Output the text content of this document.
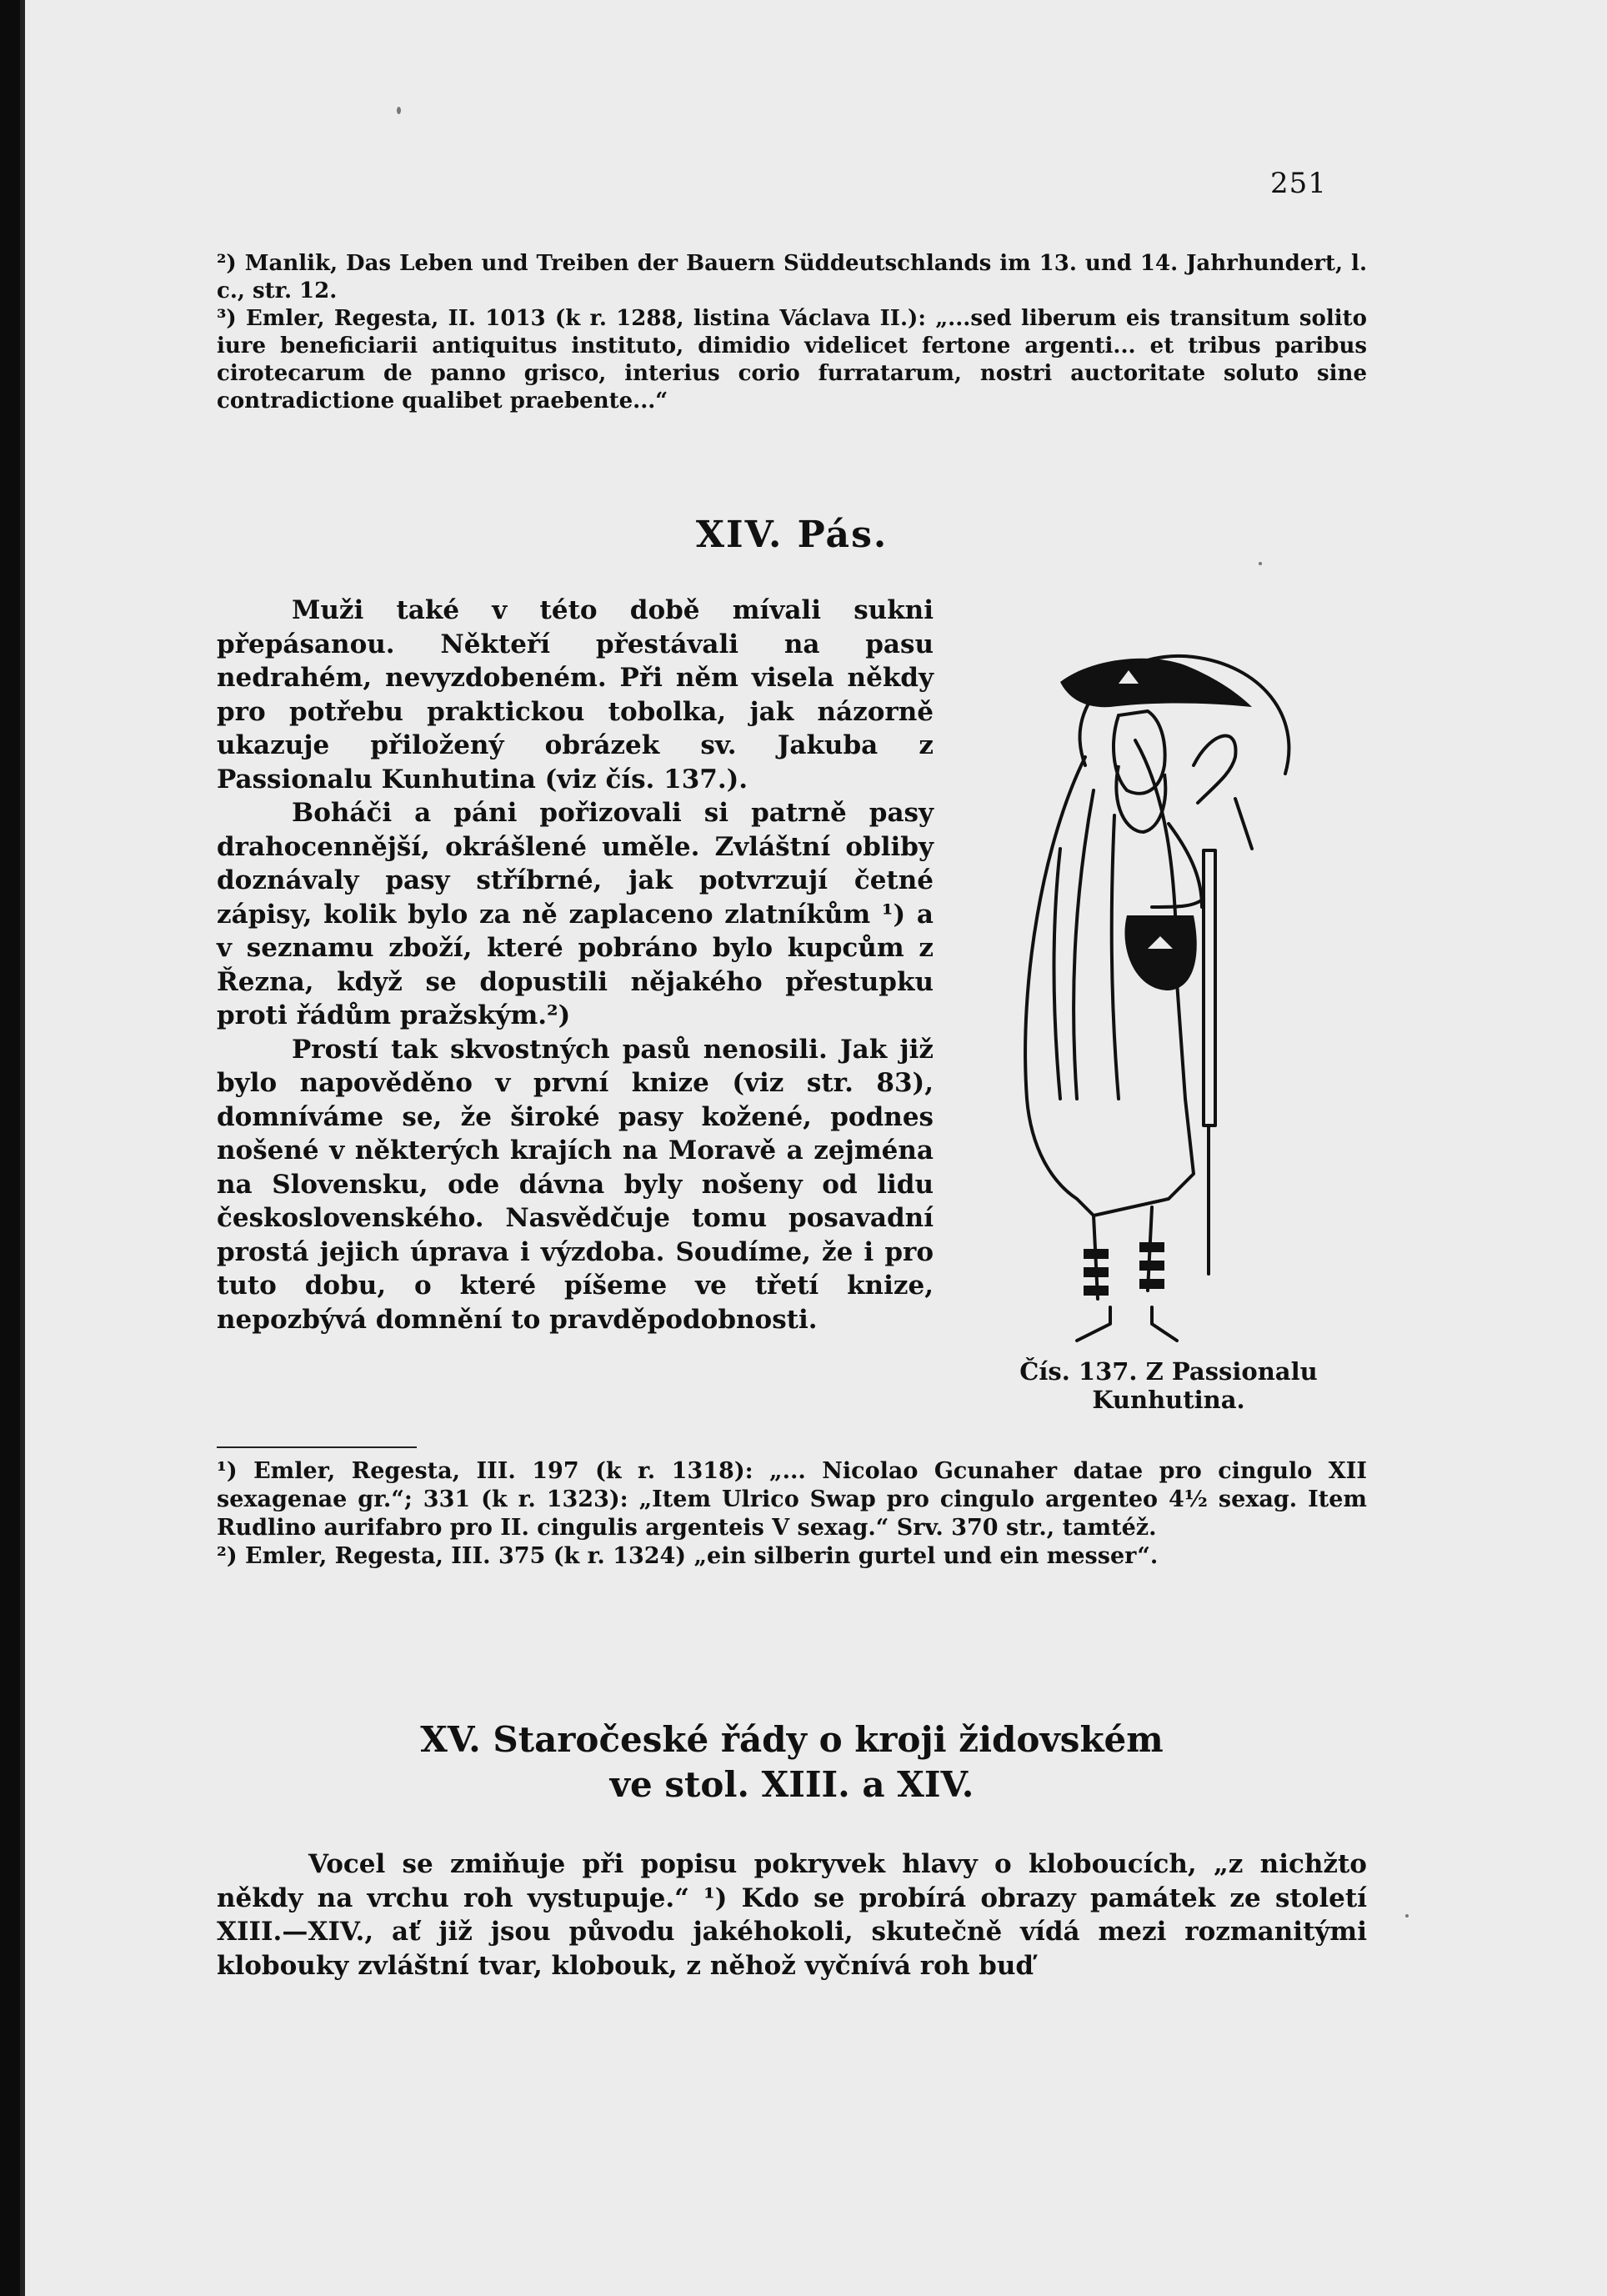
251

²) Manlik, Das Leben und Treiben der Bauern Süddeutschlands im 13. und 14. Jahrhundert, l. c., str. 12.

³) Emler, Regesta, II. 1013 (k r. 1288, listina Václava II.): „...sed liberum eis transitum solito iure beneficiarii antiquitus instituto, dimidio videlicet fertone argenti... et tribus paribus cirotecarum de panno grisco, interius corio furratarum, nostri auctoritate soluto sine contradictione qualibet praebente...“

XIV. Pás.

Muži také v této době mívali sukni přepásanou. Někteří přestávali na pasu nedrahém, nevyzdobeném. Při něm visela někdy pro potřebu praktickou tobolka, jak názorně ukazuje přiložený obrázek sv. Jakuba z Passionalu Kunhutina (viz čís. 137.).

Boháči a páni pořizovali si patrně pasy drahocennější, okrášlené uměle. Zvláštní obliby doznávaly pasy stříbrné, jak potvrzují četné zápisy, kolik bylo za ně zaplaceno zlatníkům ¹) a v seznamu zboží, které pobráno bylo kupcům z Řezna, když se dopustili nějakého přestupku proti řádům pražským.²)

Prostí tak skvostných pasů nenosili. Jak již bylo napověděno v první knize (viz str. 83), domníváme se, že široké pasy kožené, podnes nošené v některých krajích na Moravě a zejména na Slovensku, ode dávna byly nošeny od lidu československého. Nasvědčuje tomu posavadní prostá jejich úprava i výzdoba. Soudíme, že i pro tuto dobu, o které píšeme ve třetí knize, nepozbývá domnění to pravděpodobnosti.

Čís. 137. Z Passionalu
Kunhutina.

¹) Emler, Regesta, III. 197 (k r. 1318): „... Nicolao Gcunaher datae pro cingulo XII sexagenae gr.“; 331 (k r. 1323): „Item Ulrico Swap pro cingulo argenteo 4½ sexag. Item Rudlino aurifabro pro II. cingulis argenteis V sexag.“ Srv. 370 str., tamtéž.

²) Emler, Regesta, III. 375 (k r. 1324) „ein silberin gurtel und ein messer“.

XV. Staročeské řády o kroji židovském
ve stol. XIII. a XIV.

Vocel se zmiňuje při popisu pokryvek hlavy o kloboucích, „z nichžto někdy na vrchu roh vystupuje.“ ¹) Kdo se probírá obrazy památek ze století XIII.—XIV., ať již jsou původu jakéhokoli, skutečně vídá mezi rozmanitými klobouky zvláštní tvar, klobouk, z něhož vyčnívá roh buď
